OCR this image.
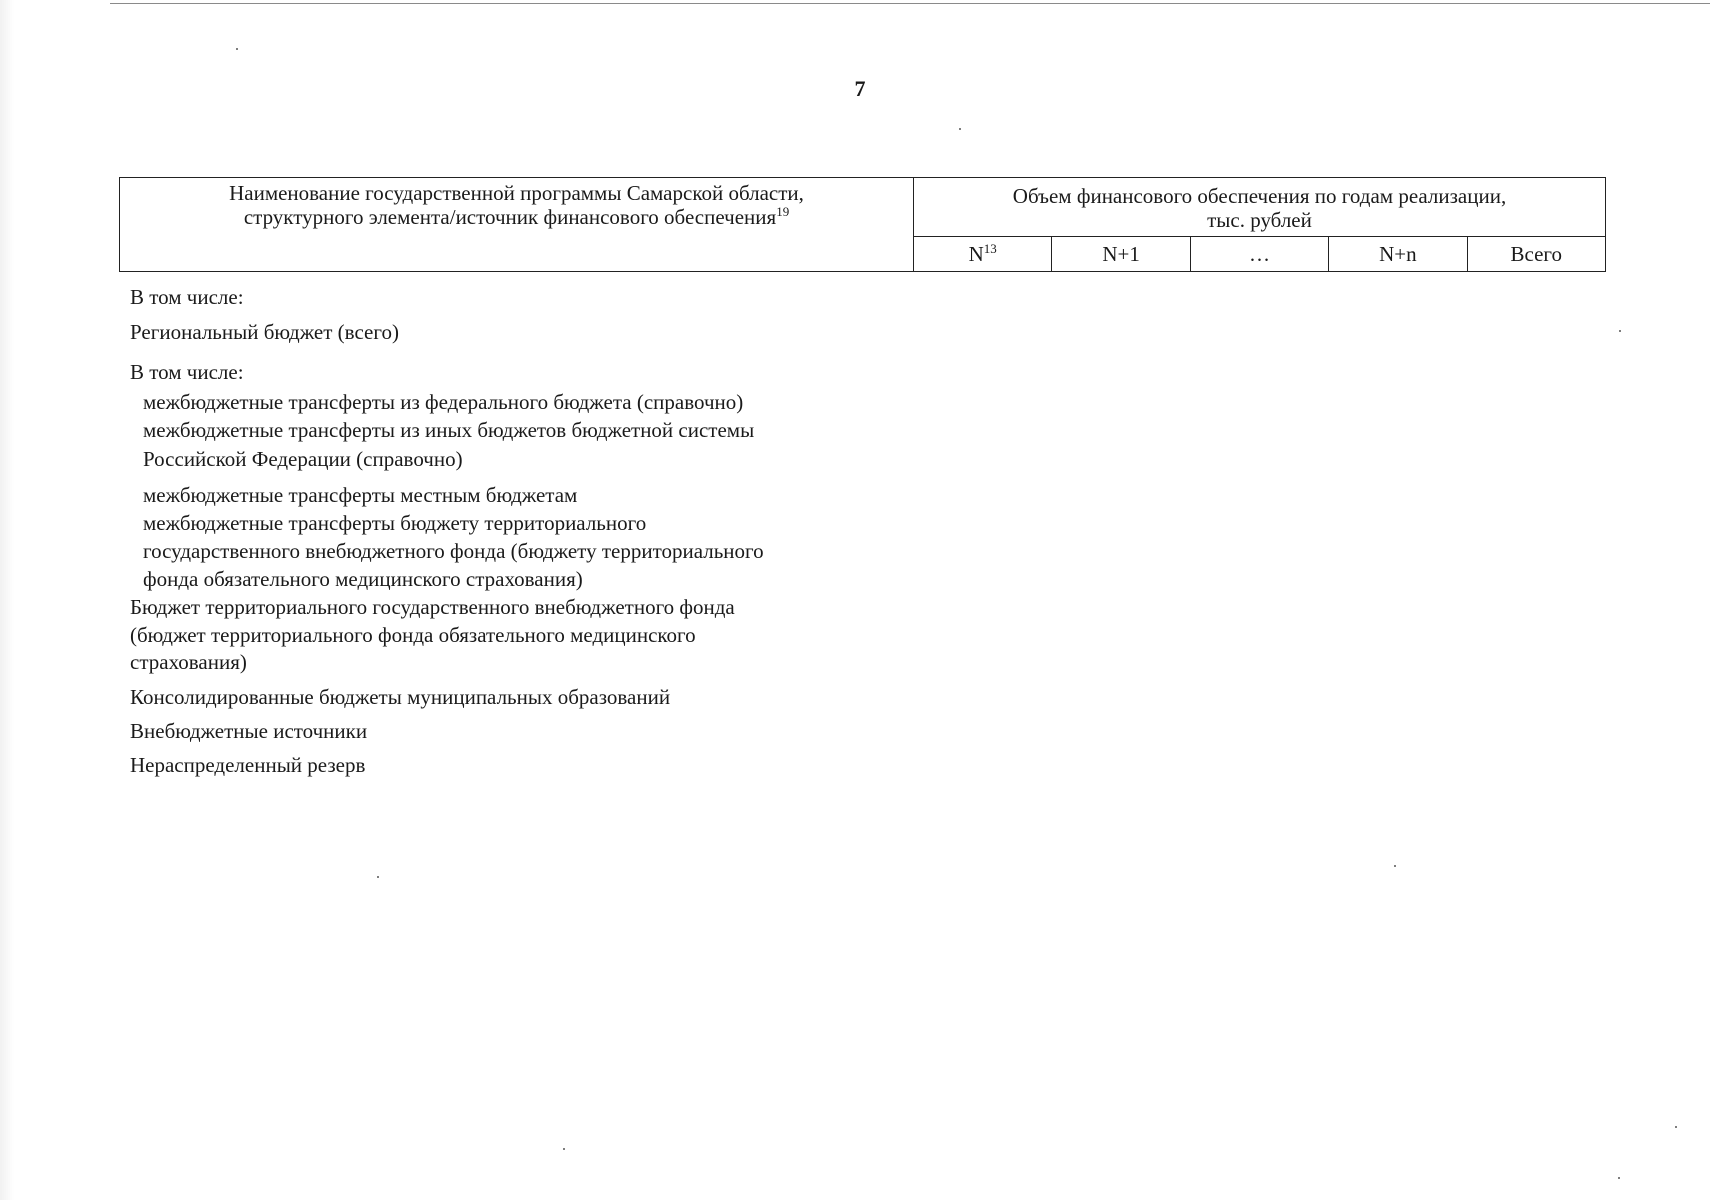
7
Наименование государственной программы Самарской области,
структурного элемента/источник финансового обеспечения$^{19}$	Объем финансового обеспечения по годам реализации,
тыс. рублей				
	$N^{13}$	N+1	…	N+n	Всего
В том числе:
Региональный бюджет (всего)
В том числе:
межбюджетные трансферты из федерального бюджета (справочно)
межбюджетные трансферты из иных бюджетов бюджетной системы
Российской Федерации (справочно)
межбюджетные трансферты местным бюджетам
межбюджетные трансферты бюджету территориального
государственного внебюджетного фонда (бюджету территориального
фонда обязательного медицинского страхования)
Бюджет территориального государственного внебюджетного фонда
(бюджет территориального фонда обязательного медицинского
страхования)
Консолидированные бюджеты муниципальных образований
Внебюджетные источники
Нераспределенный резерв
